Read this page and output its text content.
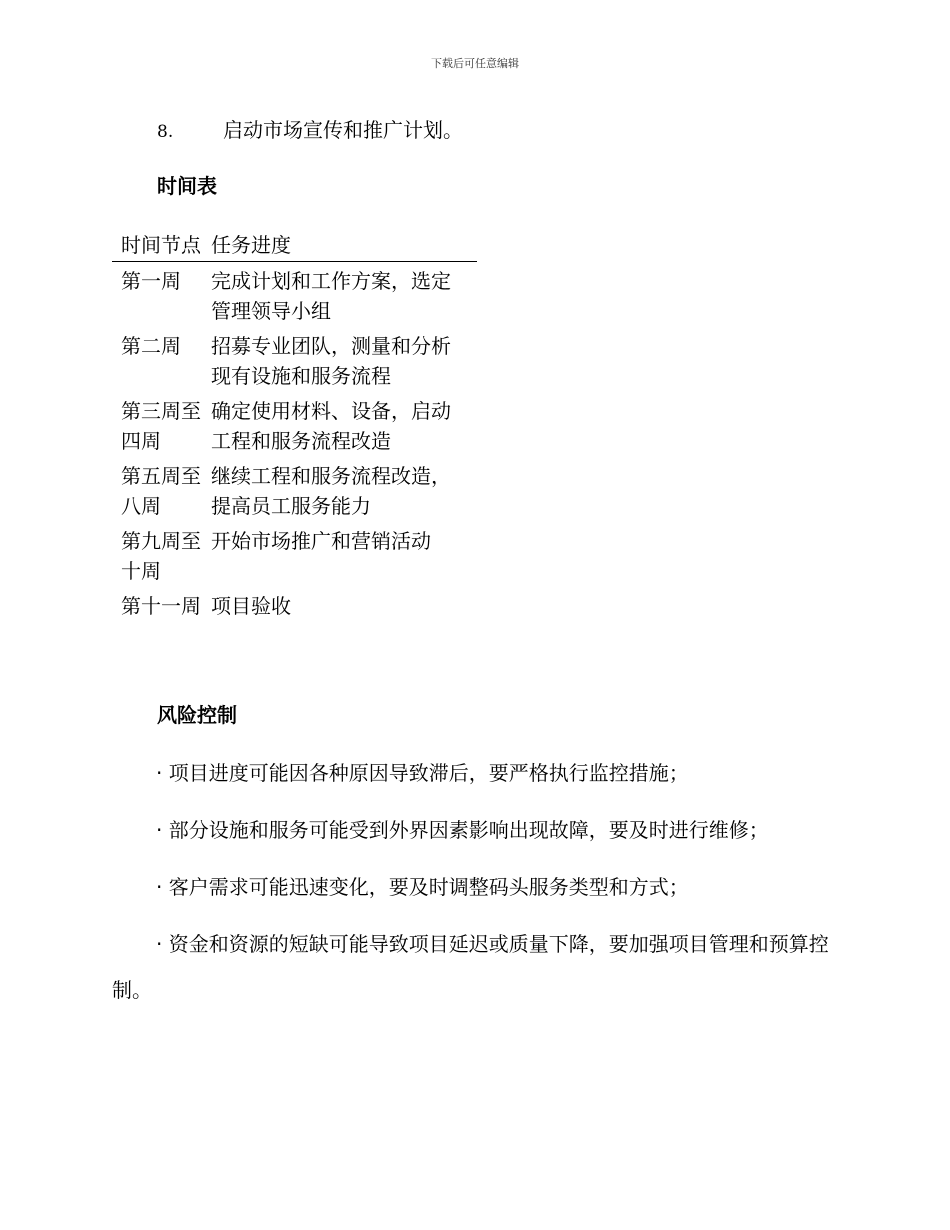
下载后可任意编辑
8. 启动市场宣传和推广计划。
时间表
时间节点	任务进度
第一周	完成计划和工作方案，选定管理领导小组
第二周	招募专业团队，测量和分析现有设施和服务流程
第三周至四周	确定使用材料、设备，启动工程和服务流程改造
第五周至八周	继续工程和服务流程改造，提高员工服务能力
第九周至十周	开始市场推广和营销活动
第十一周	项目验收
风险控制

· 项目进度可能因各种原因导致滞后，要严格执行监控措施；

· 部分设施和服务可能受到外界因素影响出现故障，要及时进行维修；

· 客户需求可能迅速变化，要及时调整码头服务类型和方式；

· 资金和资源的短缺可能导致项目延迟或质量下降，要加强项目管理和预算控制。
